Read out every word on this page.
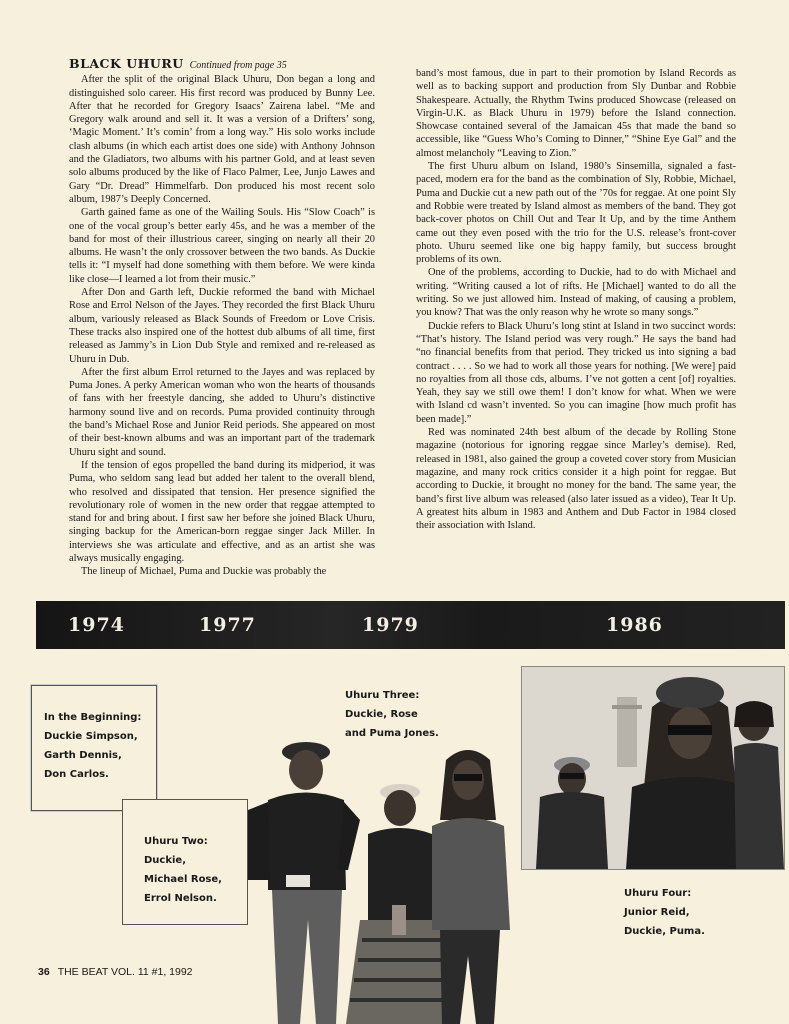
BLACK UHURU Continued from page 35

After the split of the original Black Uhuru, Don began a long and distinguished solo career. His first record was produced by Bunny Lee. After that he recorded for Gregory Isaacs’ Zairena label. “Me and Gregory walk around and sell it. It was a version of a Drifters’ song, ‘Magic Moment.’ It’s comin’ from a long way.” His solo works include clash albums (in which each artist does one side) with Anthony Johnson and the Gladiators, two albums with his partner Gold, and at least seven solo albums produced by the like of Flaco Palmer, Lee, Junjo Lawes and Gary “Dr. Dread” Himmelfarb. Don produced his most recent solo album, 1987’s Deeply Concerned.

Garth gained fame as one of the Wailing Souls. His “Slow Coach” is one of the vocal group’s better early 45s, and he was a member of the band for most of their illustrious career, singing on nearly all their 20 albums. He wasn’t the only crossover between the two bands. As Duckie tells it: “I myself had done something with them before. We were kinda like close—I learned a lot from their music.”

After Don and Garth left, Duckie reformed the band with Michael Rose and Errol Nelson of the Jayes. They recorded the first Black Uhuru album, variously released as Black Sounds of Freedom or Love Crisis. These tracks also inspired one of the hottest dub albums of all time, first released as Jammy’s in Lion Dub Style and remixed and re-released as Uhuru in Dub.

After the first album Errol returned to the Jayes and was replaced by Puma Jones. A perky American woman who won the hearts of thousands of fans with her freestyle dancing, she added to Uhuru’s distinctive harmony sound live and on records. Puma provided continuity through the band’s Michael Rose and Junior Reid periods. She appeared on most of their best-known albums and was an important part of the trademark Uhuru sight and sound.

If the tension of egos propelled the band during its midperiod, it was Puma, who seldom sang lead but added her talent to the overall blend, who resolved and dissipated that tension. Her presence signified the revolutionary role of women in the new order that reggae attempted to stand for and bring about. I first saw her before she joined Black Uhuru, singing backup for the American-born reggae singer Jack Miller. In interviews she was articulate and effective, and as an artist she was always musically engaging.

The lineup of Michael, Puma and Duckie was probably the

band’s most famous, due in part to their promotion by Island Records as well as to backing support and production from Sly Dunbar and Robbie Shakespeare. Actually, the Rhythm Twins produced Showcase (released on Virgin-U.K. as Black Uhuru in 1979) before the Island connection. Showcase contained several of the Jamaican 45s that made the band so accessible, like “Guess Who’s Coming to Dinner,” “Shine Eye Gal” and the almost melancholy “Leaving to Zion.”

The first Uhuru album on Island, 1980’s Sinsemilla, signaled a fast-paced, modern era for the band as the combination of Sly, Robbie, Michael, Puma and Duckie cut a new path out of the ’70s for reggae. At one point Sly and Robbie were treated by Island almost as members of the band. They got back-cover photos on Chill Out and Tear It Up, and by the time Anthem came out they even posed with the trio for the U.S. release’s front-cover photo. Uhuru seemed like one big happy family, but success brought problems of its own.

One of the problems, according to Duckie, had to do with Michael and writing. “Writing caused a lot of rifts. He [Michael] wanted to do all the writing. So we just allowed him. Instead of making, of causing a problem, you know? That was the only reason why he wrote so many songs.”

Duckie refers to Black Uhuru’s long stint at Island in two succinct words: “That’s history. The Island period was very rough.” He says the band had “no financial benefits from that period. They tricked us into signing a bad contract . . . . So we had to work all those years for nothing. [We were] paid no royalties from all those cds, albums. I’ve not gotten a cent [of] royalties. Yeah, they say we still owe them! I don’t know for what. When we were with Island cd wasn’t invented. So you can imagine [how much profit has been made].”

Red was nominated 24th best album of the decade by Rolling Stone magazine (notorious for ignoring reggae since Marley’s demise). Red, released in 1981, also gained the group a coveted cover story from Musician magazine, and many rock critics consider it a high point for reggae. But according to Duckie, it brought no money for the band. The same year, the band’s first live album was released (also later issued as a video), Tear It Up. A greatest hits album in 1983 and Anthem and Dub Factor in 1984 closed their association with Island.

1974	1977	1979	1986
In the Beginning:
Duckie Simpson,
Garth Dennis,
Don Carlos.
Uhuru Two:
Duckie,
Michael Rose,
Errol Nelson.
Uhuru Three:
Duckie, Rose
and Puma Jones.
Uhuru Four:
Junior Reid,
Duckie, Puma.
36 THE BEAT VOL. 11 #1, 1992
